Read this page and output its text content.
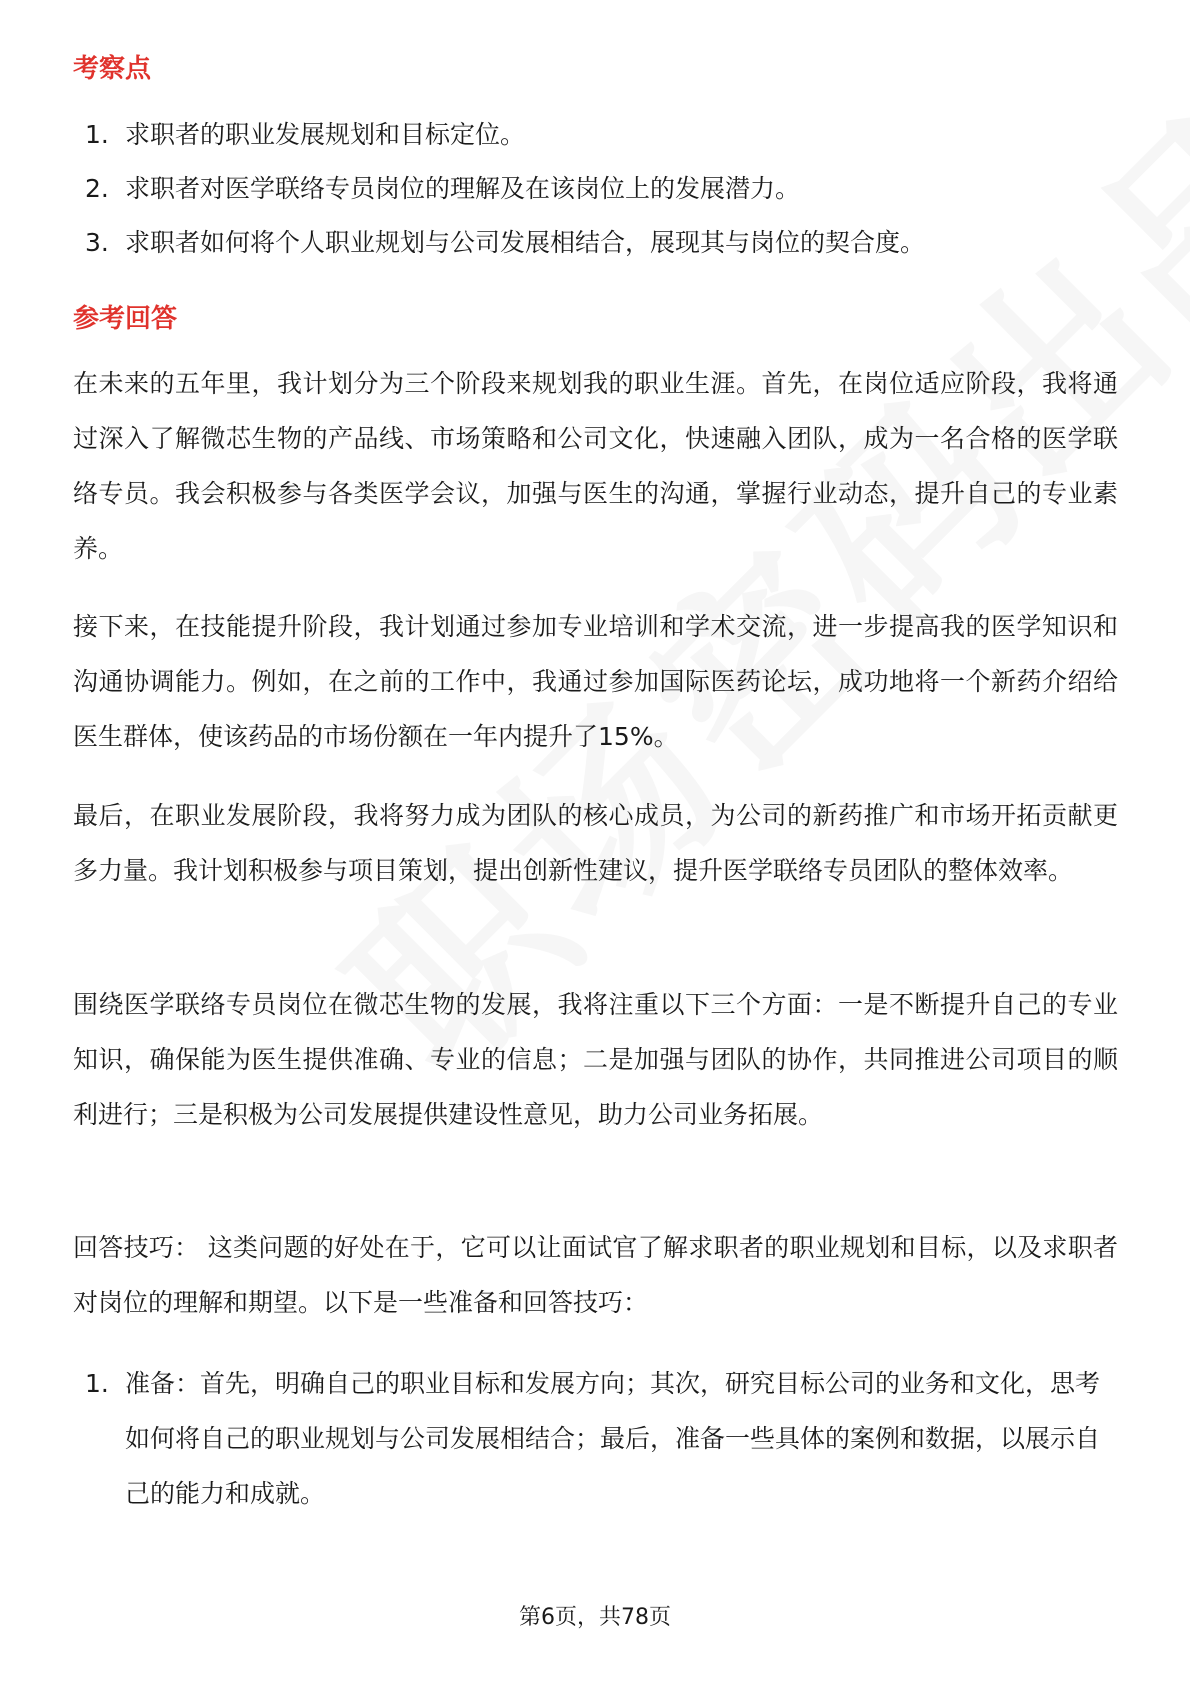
考察点
1. 求职者的职业发展规划和目标定位。
2. 求职者对医学联络专员岗位的理解及在该岗位上的发展潜力。
3. 求职者如何将个人职业规划与公司发展相结合，展现其与岗位的契合度。
参考回答

在未来的五年里，我计划分为三个阶段来规划我的职业生涯。首先，在岗位适应阶段，我将通过深入了解微芯生物的产品线、市场策略和公司文化，快速融入团队，成为一名合格的医学联络专员。我会积极参与各类医学会议，加强与医生的沟通，掌握行业动态，提升自己的专业素养。

接下来，在技能提升阶段，我计划通过参加专业培训和学术交流，进一步提高我的医学知识和沟通协调能力。例如，在之前的工作中，我通过参加国际医药论坛，成功地将一个新药介绍给医生群体，使该药品的市场份额在一年内提升了15%。

最后，在职业发展阶段，我将努力成为团队的核心成员，为公司的新药推广和市场开拓贡献更多力量。我计划积极参与项目策划，提出创新性建议，提升医学联络专员团队的整体效率。

围绕医学联络专员岗位在微芯生物的发展，我将注重以下三个方面：一是不断提升自己的专业知识，确保能为医生提供准确、专业的信息；二是加强与团队的协作，共同推进公司项目的顺利进行；三是积极为公司发展提供建设性意见，助力公司业务拓展。

回答技巧： 这类问题的好处在于，它可以让面试官了解求职者的职业规划和目标，以及求职者对岗位的理解和期望。以下是一些准备和回答技巧：

1. 准备：首先，明确自己的职业目标和发展方向；其次，研究目标公司的业务和文化，思考如何将自己的职业规划与公司发展相结合；最后，准备一些具体的案例和数据，以展示自己的能力和成就。
第6页，共78页
